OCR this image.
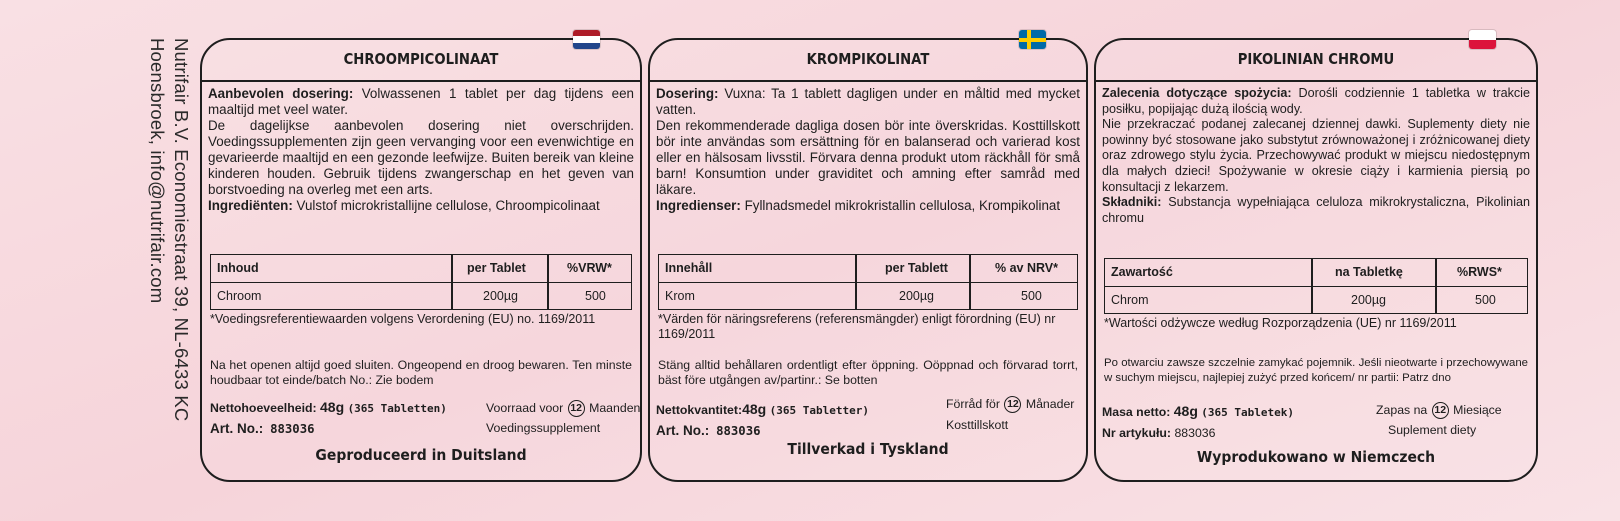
Nutrifair B.V. Economiestraat 39, NL-6433 KC
Hoensbroek, info@nutrifair.com	CHROOMPICOLINAAT
Aanbevolen dosering: Volwassenen 1 tablet per dag tijdens een maaltijd met veel water.
De dagelijkse aanbevolen dosering niet overschrijden. Voedingssupplementen zijn geen vervanging voor een evenwichtige en gevarieerde maaltijd en een gezonde leefwijze. Buiten bereik van kleine kinderen houden. Gebruik tijdens zwangerschap en het geven van borstvoeding na overleg met een arts.
Ingrediënten: Vulstof microkristallijne cellulose, Chroompicolinaat
Inhoud	per Tablet	%VRW*
Chroom	200µg	500
*Voedingsreferentiewaarden volgens Verordening (EU) no. 1169/2011
Na het openen altijd goed sluiten. Ongeopend en droog bewaren. Ten minste houdbaar tot einde/batch No.: Zie bodem
Nettohoeveelheid: 48g (365 Tabletten)
Art. No.: 883036
Voorraad voor 12 Maanden
Voedingssupplement
Geproduceerd in Duitsland
KROMPIKOLINAT
Dosering: Vuxna: Ta 1 tablett dagligen under en måltid med mycket vatten.
Den rekommenderade dagliga dosen bör inte överskridas. Kosttillskott bör inte användas som ersättning för en balanserad och varierad kost eller en hälsosam livsstil. Förvara denna produkt utom räckhåll för små barn! Konsumtion under graviditet och amning efter samråd med läkare.
Ingredienser: Fyllnadsmedel mikrokristallin cellulosa, Krompikolinat
Innehåll	per Tablett	% av NRV*
Krom	200µg	500
*Värden för näringsreferens (referensmängder) enligt förordning (EU) nr 1169/2011
Stäng alltid behållaren ordentligt efter öppning. Oöppnad och förvarad torrt, bäst före utgången av/partinr.: Se botten
Nettokvantitet:48g (365 Tabletter)
Art. No.: 883036
Förråd för 12 Månader
Kosttillskott
Tillverkad i Tyskland
PIKOLINIAN CHROMU
Zalecenia dotyczące spożycia: Dorośli codziennie 1 tabletka w trakcie posiłku, popijając dużą ilością wody.
Nie przekraczać podanej zalecanej dziennej dawki. Suplementy diety nie powinny być stosowane jako substytut zrównoważonej i zróżnicowanej diety oraz zdrowego stylu życia. Przechowywać produkt w miejscu niedostępnym dla małych dzieci! Spożywanie w okresie ciąży i karmienia piersią po konsultacji z lekarzem.
Składniki: Substancja wypełniająca celuloza mikrokrystaliczna, Pikolinian chromu
Zawartość	na Tabletkę	%RWS*
Chrom	200µg	500
*Wartości odżywcze według Rozporządzenia (UE) nr 1169/2011
Po otwarciu zawsze szczelnie zamykać pojemnik. Jeśli nieotwarte i przechowywane w suchym miejscu, najlepiej zużyć przed końcem/ nr partii: Patrz dno
Masa netto: 48g (365 Tabletek)
Nr artykułu: 883036
Zapas na 12 Miesiące
Suplement diety
Wyprodukowano w Niemczech
